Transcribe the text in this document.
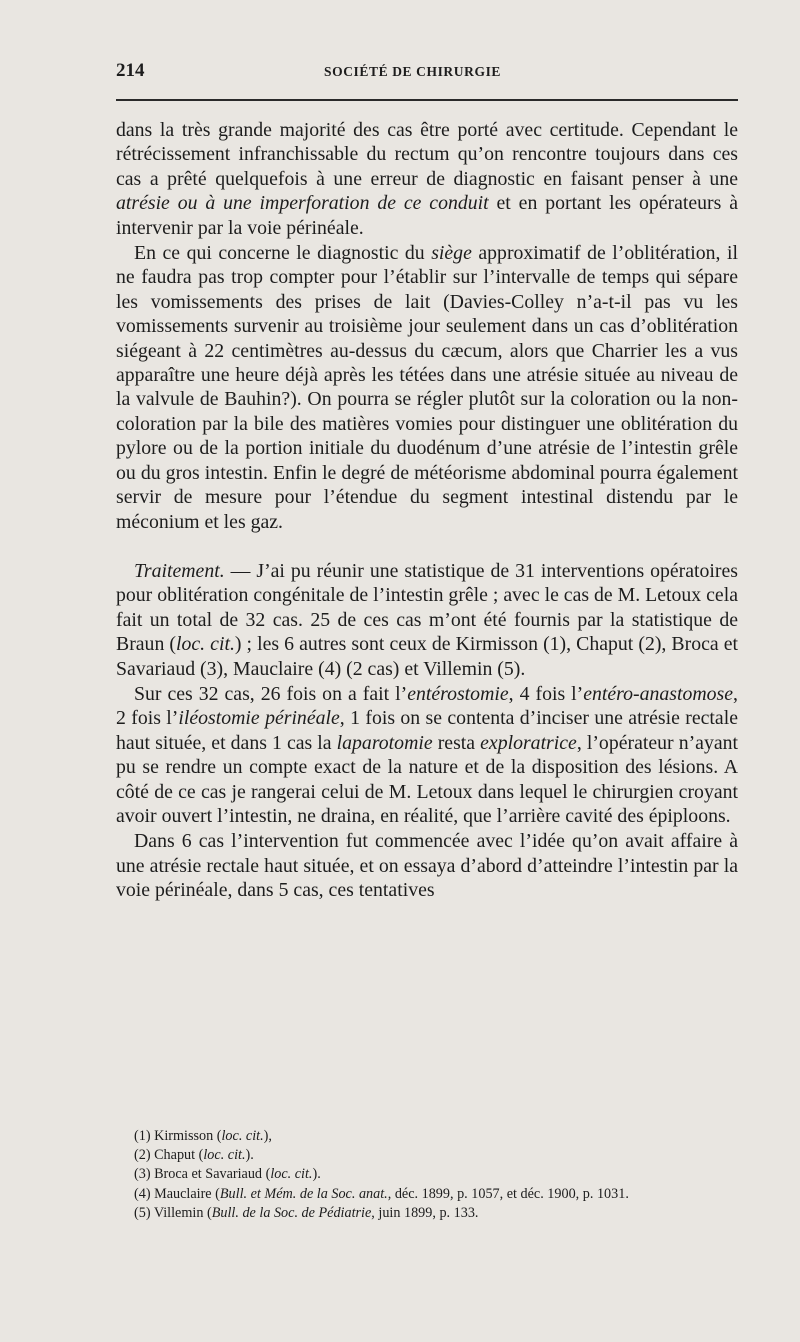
214	SOCIÉTÉ DE CHIRURGIE

dans la très grande majorité des cas être porté avec certitude. Cependant le rétrécissement infranchissable du rectum qu’on rencontre toujours dans ces cas a prêté quelquefois à une erreur de diagnostic en faisant penser à une atrésie ou à une imperforation de ce conduit et en portant les opérateurs à intervenir par la voie périnéale.

En ce qui concerne le diagnostic du siège approximatif de l’oblitération, il ne faudra pas trop compter pour l’établir sur l’intervalle de temps qui sépare les vomissements des prises de lait (Davies-Colley n’a-t-il pas vu les vomissements survenir au troisième jour seulement dans un cas d’oblitération siégeant à 22 centimètres au-dessus du cæcum, alors que Charrier les a vus apparaître une heure déjà après les tétées dans une atrésie située au niveau de la valvule de Bauhin?). On pourra se régler plutôt sur la coloration ou la non-coloration par la bile des matières vomies pour distinguer une oblitération du pylore ou de la portion initiale du duodénum d’une atrésie de l’intestin grêle ou du gros intestin. Enfin le degré de météorisme abdominal pourra également servir de mesure pour l’étendue du segment intestinal distendu par le méconium et les gaz.

Traitement. — J’ai pu réunir une statistique de 31 interventions opératoires pour oblitération congénitale de l’intestin grêle ; avec le cas de M. Letoux cela fait un total de 32 cas. 25 de ces cas m’ont été fournis par la statistique de Braun (loc. cit.) ; les 6 autres sont ceux de Kirmisson (1), Chaput (2), Broca et Savariaud (3), Mauclaire (4) (2 cas) et Villemin (5).

Sur ces 32 cas, 26 fois on a fait l’entérostomie, 4 fois l’entéro-anastomose, 2 fois l’iléostomie périnéale, 1 fois on se contenta d’inciser une atrésie rectale haut située, et dans 1 cas la laparotomie resta exploratrice, l’opérateur n’ayant pu se rendre un compte exact de la nature et de la disposition des lésions. A côté de ce cas je rangerai celui de M. Letoux dans lequel le chirurgien croyant avoir ouvert l’intestin, ne draina, en réalité, que l’arrière cavité des épiploons.

Dans 6 cas l’intervention fut commencée avec l’idée qu’on avait affaire à une atrésie rectale haut située, et on essaya d’abord d’atteindre l’intestin par la voie périnéale, dans 5 cas, ces tentatives

(1) Kirmisson (loc. cit.),

(2) Chaput (loc. cit.).

(3) Broca et Savariaud (loc. cit.).

(4) Mauclaire (Bull. et Mém. de la Soc. anat., déc. 1899, p. 1057, et déc. 1900, p. 1031.

(5) Villemin (Bull. de la Soc. de Pédiatrie, juin 1899, p. 133.
